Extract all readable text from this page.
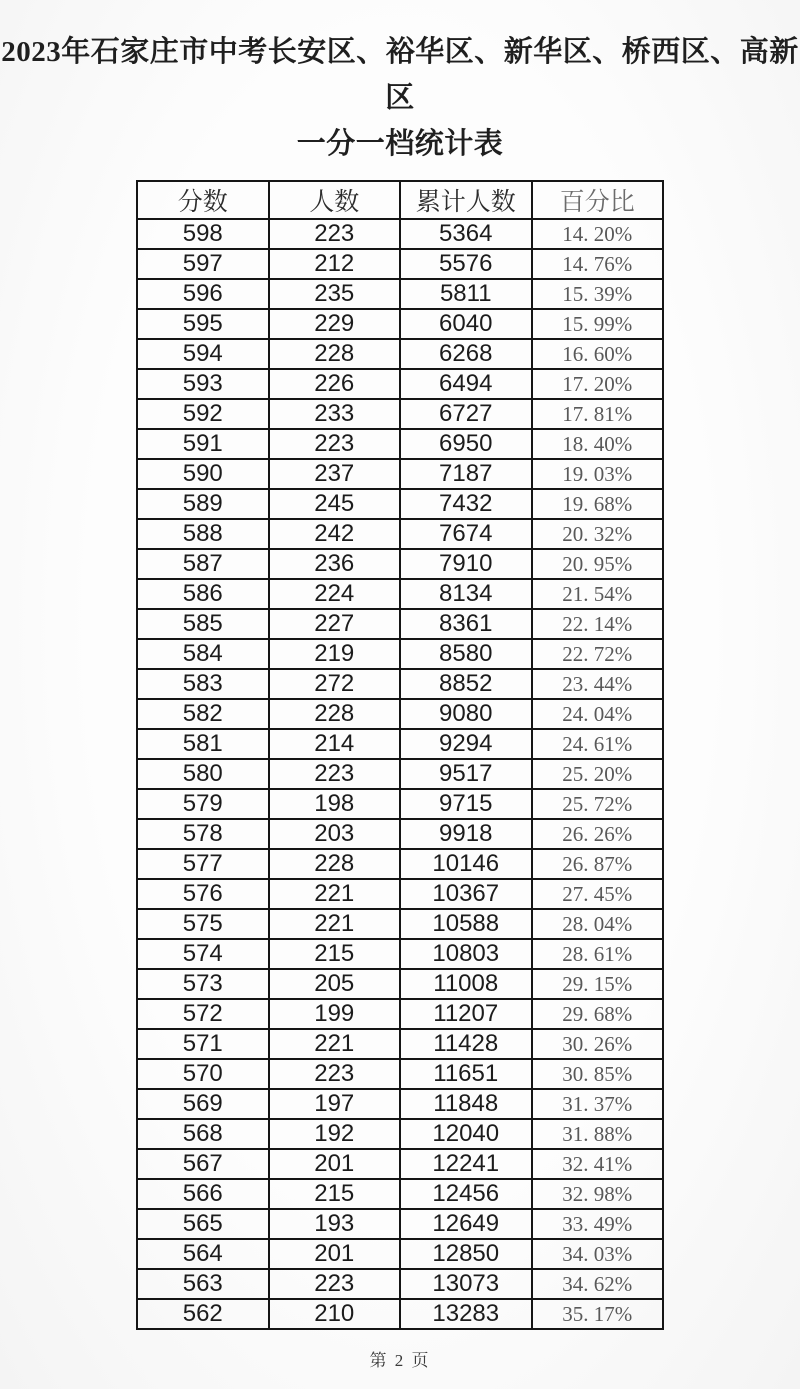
2023年石家庄市中考长安区、裕华区、新华区、桥西区、高新区
一分一档统计表
分数	人数	累计人数	百分比
598	223	5364	14. 20%
597	212	5576	14. 76%
596	235	5811	15. 39%
595	229	6040	15. 99%
594	228	6268	16. 60%
593	226	6494	17. 20%
592	233	6727	17. 81%
591	223	6950	18. 40%
590	237	7187	19. 03%
589	245	7432	19. 68%
588	242	7674	20. 32%
587	236	7910	20. 95%
586	224	8134	21. 54%
585	227	8361	22. 14%
584	219	8580	22. 72%
583	272	8852	23. 44%
582	228	9080	24. 04%
581	214	9294	24. 61%
580	223	9517	25. 20%
579	198	9715	25. 72%
578	203	9918	26. 26%
577	228	10146	26. 87%
576	221	10367	27. 45%
575	221	10588	28. 04%
574	215	10803	28. 61%
573	205	11008	29. 15%
572	199	11207	29. 68%
571	221	11428	30. 26%
570	223	11651	30. 85%
569	197	11848	31. 37%
568	192	12040	31. 88%
567	201	12241	32. 41%
566	215	12456	32. 98%
565	193	12649	33. 49%
564	201	12850	34. 03%
563	223	13073	34. 62%
562	210	13283	35. 17%
第 2 页
